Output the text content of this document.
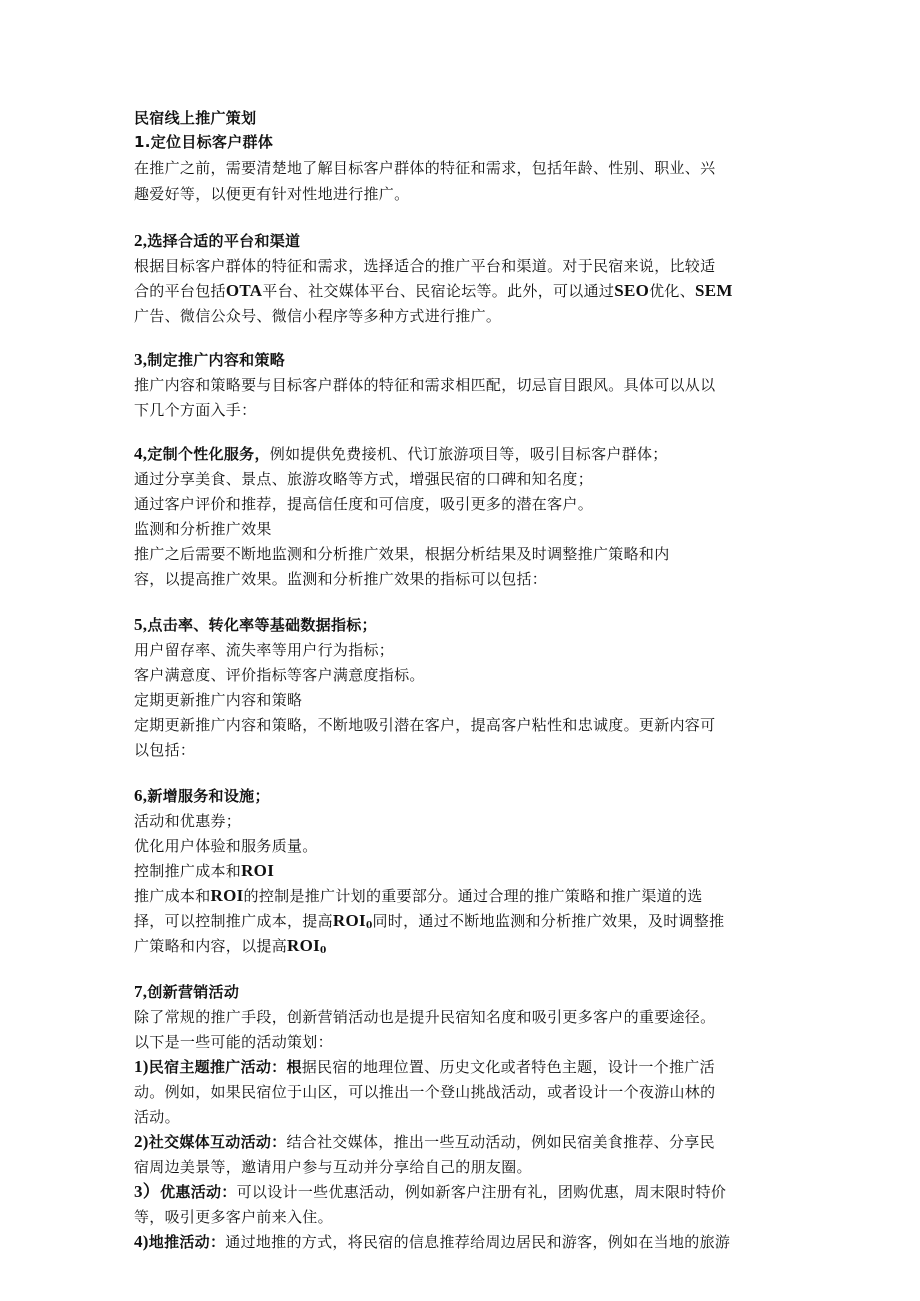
民宿线上推广策划
1.定位目标客户群体
在推广之前，需要清楚地了解目标客户群体的特征和需求，包括年龄、性别、职业、兴
趣爱好等，以便更有针对性地进行推广。
2,选择合适的平台和渠道
根据目标客户群体的特征和需求，选择适合的推广平台和渠道。对于民宿来说，比较适
合的平台包括OTA平台、社交媒体平台、民宿论坛等。此外，可以通过SEO优化、SEM
广告、微信公众号、微信小程序等多种方式进行推广。
3,制定推广内容和策略
推广内容和策略要与目标客户群体的特征和需求相匹配，切忌盲目跟风。具体可以从以
下几个方面入手：
4,定制个性化服务，例如提供免费接机、代订旅游项目等，吸引目标客户群体；
通过分享美食、景点、旅游攻略等方式，增强民宿的口碑和知名度；
通过客户评价和推荐，提高信任度和可信度，吸引更多的潜在客户。
监测和分析推广效果
推广之后需要不断地监测和分析推广效果，根据分析结果及时调整推广策略和内
容，以提高推广效果。监测和分析推广效果的指标可以包括：
5,点击率、转化率等基础数据指标；
用户留存率、流失率等用户行为指标；
客户满意度、评价指标等客户满意度指标。
定期更新推广内容和策略
定期更新推广内容和策略，不断地吸引潜在客户，提高客户粘性和忠诚度。更新内容可
以包括：
6,新增服务和设施；
活动和优惠券；
优化用户体验和服务质量。
控制推广成本和ROI
推广成本和ROI的控制是推广计划的重要部分。通过合理的推广策略和推广渠道的选
择，可以控制推广成本，提高$ROI_0$同时，通过不断地监测和分析推广效果，及时调整推
广策略和内容，以提高$ROI_0$
7,创新营销活动
除了常规的推广手段，创新营销活动也是提升民宿知名度和吸引更多客户的重要途径。
以下是一些可能的活动策划：
1)民宿主题推广活动：根据民宿的地理位置、历史文化或者特色主题，设计一个推广活
动。例如，如果民宿位于山区，可以推出一个登山挑战活动，或者设计一个夜游山林的
活动。
2)社交媒体互动活动：结合社交媒体，推出一些互动活动，例如民宿美食推荐、分享民
宿周边美景等，邀请用户参与互动并分享给自己的朋友圈。
3）优惠活动：可以设计一些优惠活动，例如新客户注册有礼，团购优惠，周末限时特价
等，吸引更多客户前来入住。
4)地推活动：通过地推的方式，将民宿的信息推荐给周边居民和游客，例如在当地的旅游
